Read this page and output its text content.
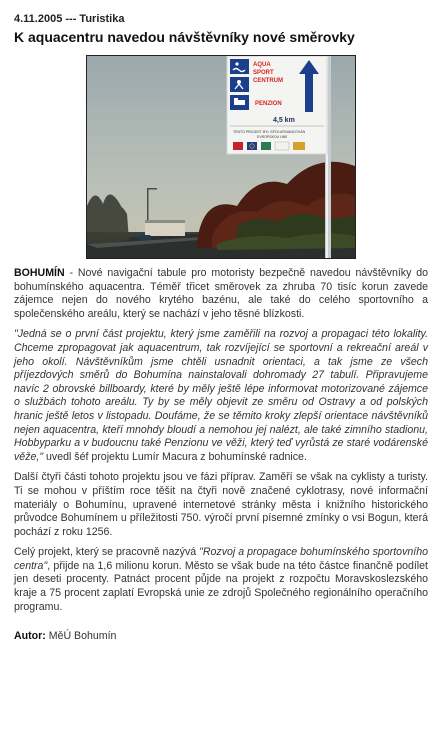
4.11.2005 --- Turistika
K aquacentru navedou návštěvníky nové směrovky
AQUA
SPORT
CENTRUM
PENZION
4,5 km
TENTO PROJEKT BYL SPOLUFINANCOVÁN
EVROPSKOU UNIÍ

BOHUMÍN - Nové navigační tabule pro motoristy bezpečně navedou návštěvníky do bohumínského aquacentra. Téměř třicet směrovek za zhruba 70 tisíc korun zavede zájemce nejen do nového krytého bazénu, ale také do celého sportovního a společenského areálu, který se nachází v jeho těsné blízkosti.

"Jedná se o první část projektu, který jsme zaměřili na rozvoj a propagaci této lokality. Chceme zpropagovat jak aquacentrum, tak rozvíjející se sportovní a rekreační areál v jeho okolí. Návštěvníkům jsme chtěli usnadnit orientaci, a tak jsme ze všech příjezdových směrů do Bohumína nainstalovali dohromady 27 tabulí. Připravujeme navíc 2 obrovské billboardy, které by měly ještě lépe informovat motorizované zájemce o službách tohoto areálu. Ty by se měly objevit ze směru od Ostravy a od polských hranic ještě letos v listopadu. Doufáme, že se těmito kroky zlepší orientace návštěvníků nejen aquacentra, kteří mnohdy bloudí a nemohou jej nalézt, ale také zimního stadionu, Hobbyparku a v budoucnu také Penzionu ve věži, který teď vyrůstá ze staré vodárenské věže," uvedl šéf projektu Lumír Macura z bohumínské radnice.

Další čtyři části tohoto projektu jsou ve fázi příprav. Zaměří se však na cyklisty a turisty. Ti se mohou v příštím roce těšit na čtyři nově značené cyklotrasy, nové informační materiály o Bohumínu, upravené internetové stránky města i knižního historického průvodce Bohumínem u příležitosti 750. výročí první písemné zmínky o vsi Bogun, která pochází z roku 1256.

Celý projekt, který se pracovně nazývá "Rozvoj a propagace bohumínského sportovního centra", přijde na 1,6 milionu korun. Město se však bude na této částce finančně podílet jen deseti procenty. Patnáct procent půjde na projekt z rozpočtu Moravskoslezského kraje a 75 procent zaplatí Evropská unie ze zdrojů Společného regionálního operačního programu.

Autor: MěÚ Bohumín
